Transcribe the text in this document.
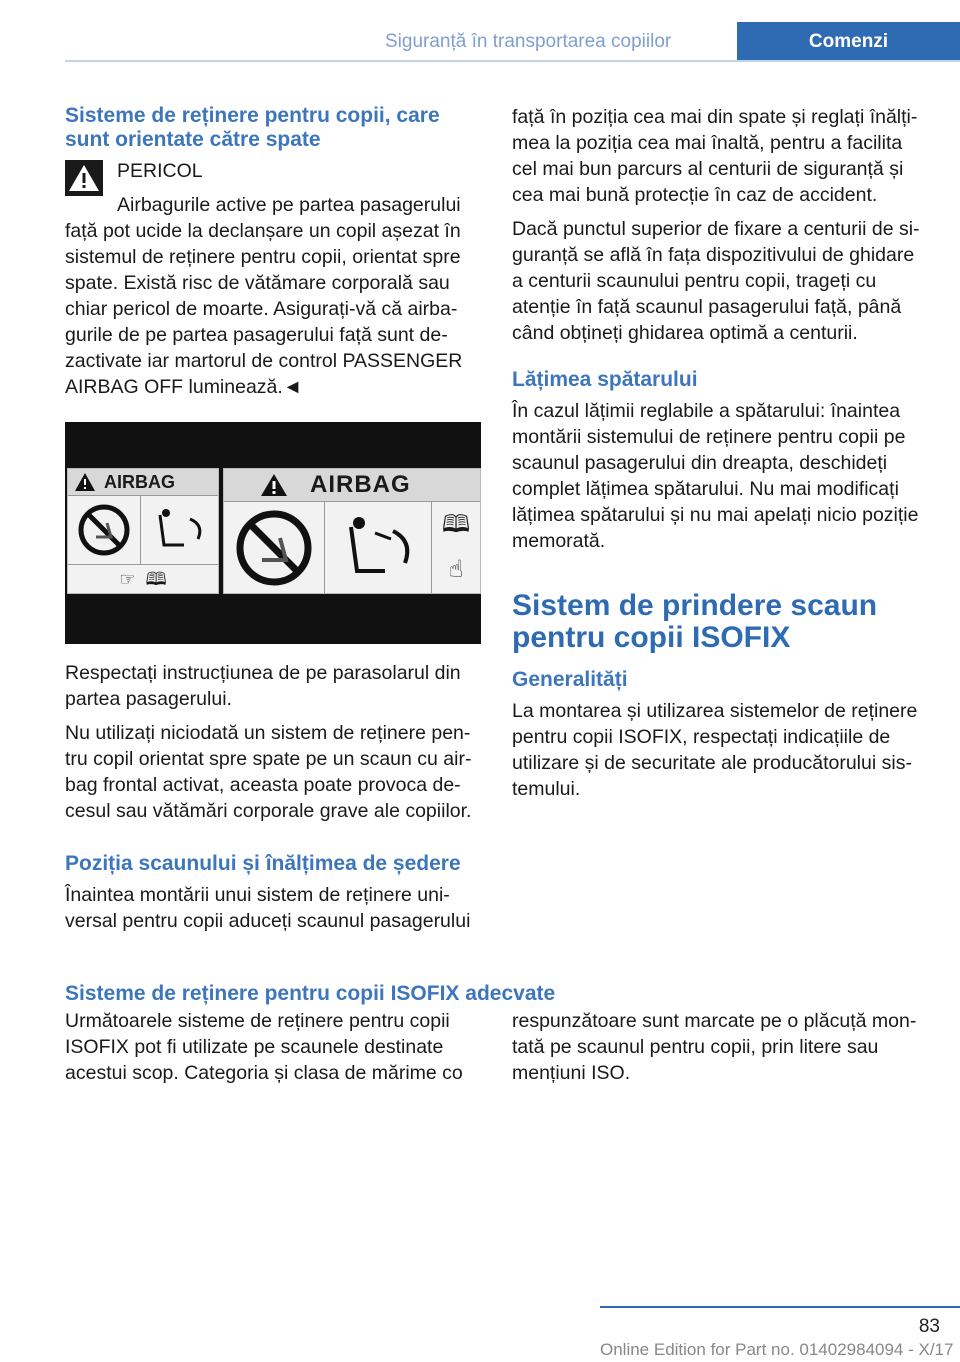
Siguranță în transportarea copiilor	Comenzi
Sisteme de reținere pentru copii, care sunt orientate către spate

PERICOL

Airbagurile active pe partea pasagerului

față pot ucide la declanșare un copil așezat în sistemul de reținere pentru copii, orientat spre spate. Există risc de vătămare corporală sau chiar pericol de moarte. Asigurați-vă că airbagurile de pe partea pasagerului față sunt dezactivate iar martorul de control PASSENGER AIRBAG OFF luminează.◄

AIRBAG
☞ 🕮
AIRBAG
🕮
☝

Respectați instrucțiunea de pe parasolarul din partea pasagerului.

Nu utilizați niciodată un sistem de reținere pentru copil orientat spre spate pe un scaun cu airbag frontal activat, aceasta poate provoca decesul sau vătămări corporale grave ale copiilor.

Poziția scaunului și înălțimea de ședere

Înaintea montării unui sistem de reținere universal pentru copii aduceți scaunul pasagerului

față în poziția cea mai din spate și reglați înălțimea la poziția cea mai înaltă, pentru a facilita cel mai bun parcurs al centurii de siguranță și cea mai bună protecție în caz de accident.

Dacă punctul superior de fixare a centurii de siguranță se află în fața dispozitivului de ghidare a centurii scaunului pentru copii, trageți cu atenție în față scaunul pasagerului față, până când obțineți ghidarea optimă a centurii.

Lățimea spătarului

În cazul lățimii reglabile a spătarului: înaintea montării sistemului de reținere pentru copii pe scaunul pasagerului din dreapta, deschideți complet lățimea spătarului. Nu mai modificați lățimea spătarului și nu mai apelați nicio poziție memorată.

Sistem de prindere scaun pentru copii ISOFIX
Generalități

La montarea și utilizarea sistemelor de reținere pentru copii ISOFIX, respectați indicațiile de utilizare și de securitate ale producătorului sistemului.

Sisteme de reținere pentru copii ISOFIX adecvate

Următoarele sisteme de reținere pentru copii ISOFIX pot fi utilizate pe scaunele destinate acestui scop. Categoria și clasa de mărime co

respunzătoare sunt marcate pe o plăcuță montată pe scaunul pentru copii, prin litere sau mențiuni ISO.

83
Online Edition for Part no. 01402984094 - X/17
